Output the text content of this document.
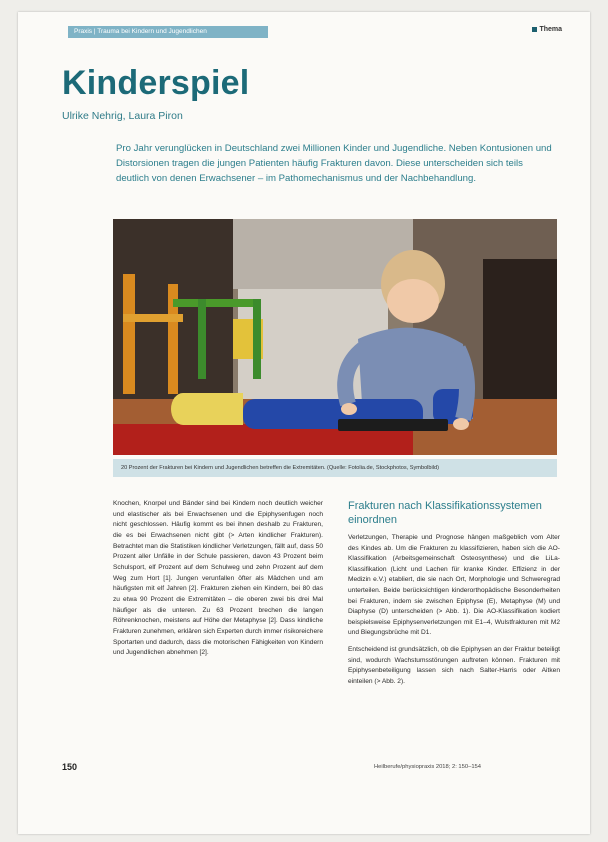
Praxis | Trauma bei Kindern und Jugendlichen	Thema
Kinderspiel
Ulrike Nehrig, Laura Piron
Pro Jahr verunglücken in Deutschland zwei Millionen Kinder und Jugendliche. Neben Kontusionen und Distorsionen tragen die jungen Patienten häufig Frakturen davon. Diese unterscheiden sich teils deutlich von denen Erwachsener – im Pathomechanismus und der Nachbehandlung.
20 Prozent der Frakturen bei Kindern und Jugendlichen betreffen die Extremitäten. (Quelle: Fotolia.de, Stockphotos, Symbolbild)
Knochen, Knorpel und Bänder sind bei Kindern noch deutlich weicher und elastischer als bei Erwachsenen und die Epiphysenfugen noch nicht geschlossen. Häufig kommt es bei ihnen deshalb zu Frakturen, die es bei Erwachsenen nicht gibt (> Arten kindlicher Frakturen). Betrachtet man die Statistiken kindlicher Verletzungen, fällt auf, dass 50 Prozent aller Unfälle in der Schule passieren, davon 43 Prozent beim Schulsport, elf Prozent auf dem Schulweg und zehn Prozent auf dem Weg zum Hort [1]. Jungen verunfallen öfter als Mädchen und am häufigsten mit elf Jahren [2]. Frakturen ziehen ein Kindern, bei 80 das zu etwa 90 Prozent die Extremitäten – die oberen zwei bis drei Mal häufiger als die unteren. Zu 63 Prozent brechen die langen Röhrenknochen, meistens auf Höhe der Metaphyse [2]. Dass kindliche Frakturen zunehmen, erklären sich Experten durch immer risikoreichere Sportarten und dadurch, dass die motorischen Fähigkeiten von Kindern und Jugendlichen abnehmen [2].

Frakturen nach Klassifikationssystemen einordnen

Verletzungen, Therapie und Prognose hängen maßgeblich vom Alter des Kindes ab. Um die Frakturen zu klassifizieren, haben sich die AO-Klassifikation (Arbeitsgemeinschaft Osteosynthese) und die LiLa-Klassifikation (Licht und Lachen für kranke Kinder. Effizienz in der Medizin e.V.) etabliert, die sie nach Ort, Morphologie und Schweregrad unterteilen. Beide berücksichtigen kinderorthopädische Besonderheiten bei Frakturen, indem sie zwischen Epiphyse (E), Metaphyse (M) und Diaphyse (D) unterscheiden (> Abb. 1). Die AO-Klassifikation kodiert beispielsweise Epiphysenverletzungen mit E1–4, Wulstfrakturen mit M2 und Biegungsbrüche mit D1.

Entscheidend ist grundsätzlich, ob die Epiphysen an der Fraktur beteiligt sind, wodurch Wachstumsstörungen auftreten können. Frakturen mit Epiphysenbeteiligung lassen sich nach Salter-Harris oder Aitken einteilen (> Abb. 2).

150	Heilberufe/physiopraxis 2018; 2: 150–154
